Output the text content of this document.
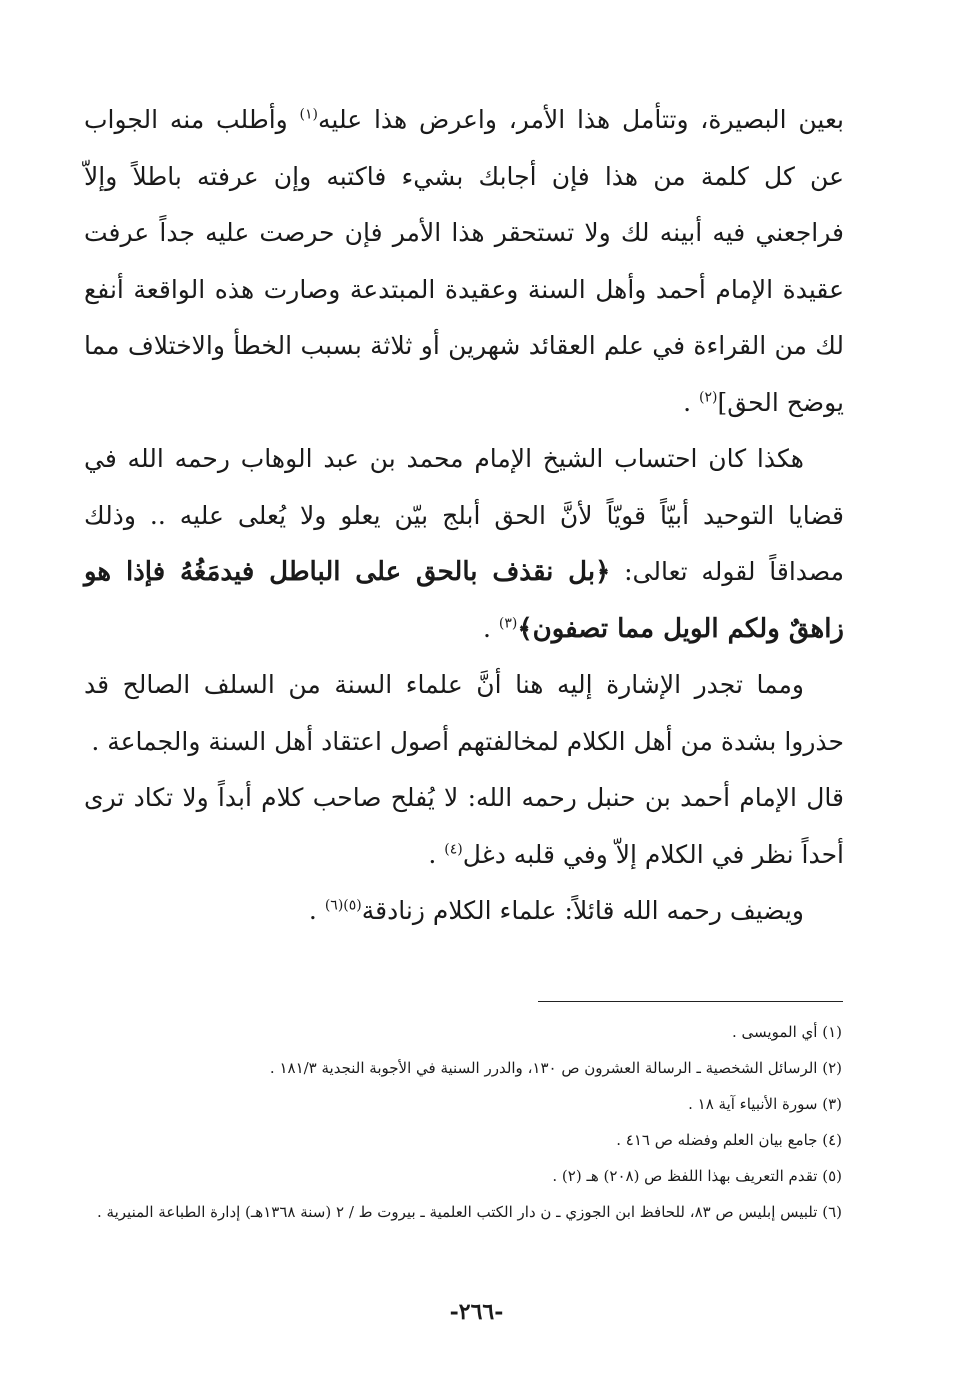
بعين البصيرة، وتتأمل هذا الأمر، واعرض هذا عليه$^{(١)}$ وأطلب منه الجواب عن كل كلمة من هذا فإن أجابك بشيء فاكتبه وإن عرفته باطلاً وإلاّ فراجعني فيه أبينه لك ولا تستحقر هذا الأمر فإن حرصت عليه جداً عرفت عقيدة الإمام أحمد وأهل السنة وعقيدة المبتدعة وصارت هذه الواقعة أنفع لك من القراءة في علم العقائد شهرين أو ثلاثة بسبب الخطأ والاختلاف مما يوضح الحق]$^{(٢)}$ .

هكذا كان احتساب الشيخ الإمام محمد بن عبد الوهاب رحمه الله في قضايا التوحيد أبيّاً قويّاً لأنَّ الحق أبلج بيّن يعلو ولا يُعلى عليه .. وذلك مصداقاً لقوله تعالى: ﴿بل نقذف بالحق على الباطل فيدمَغُهُ فإذا هو زاهقٌ ولكم الويل مما تصفون﴾$^{(٣)}$ .

ومما تجدر الإشارة إليه هنا أنَّ علماء السنة من السلف الصالح قد حذروا بشدة من أهل الكلام لمخالفتهم أصول اعتقاد أهل السنة والجماعة .

قال الإمام أحمد بن حنبل رحمه الله: لا يُفلح صاحب كلام أبداً ولا تكاد ترى أحداً نظر في الكلام إلاّ وفي قلبه دغل$^{(٤)}$ .

ويضيف رحمه الله قائلاً: علماء الكلام زنادقة$^{(٥)(٦)}$ .

(١) أي المويسى .

(٢) الرسائل الشخصية ـ الرسالة العشرون ص ١٣٠، والدرر السنية في الأجوبة النجدية ١٨١/٣ .

(٣) سورة الأنبياء آية ١٨ .

(٤) جامع بيان العلم وفضله ص ٤١٦ .

(٥) تقدم التعريف بهذا اللفظ ص (٢٠٨) هـ (٢) .

(٦) تلبيس إبليس ص ٨٣، للحافظ ابن الجوزي ـ ن دار الكتب العلمية ـ بيروت ط / ٢ (سنة ١٣٦٨هـ) إدارة الطباعة المنيرية .

-٢٦٦-
